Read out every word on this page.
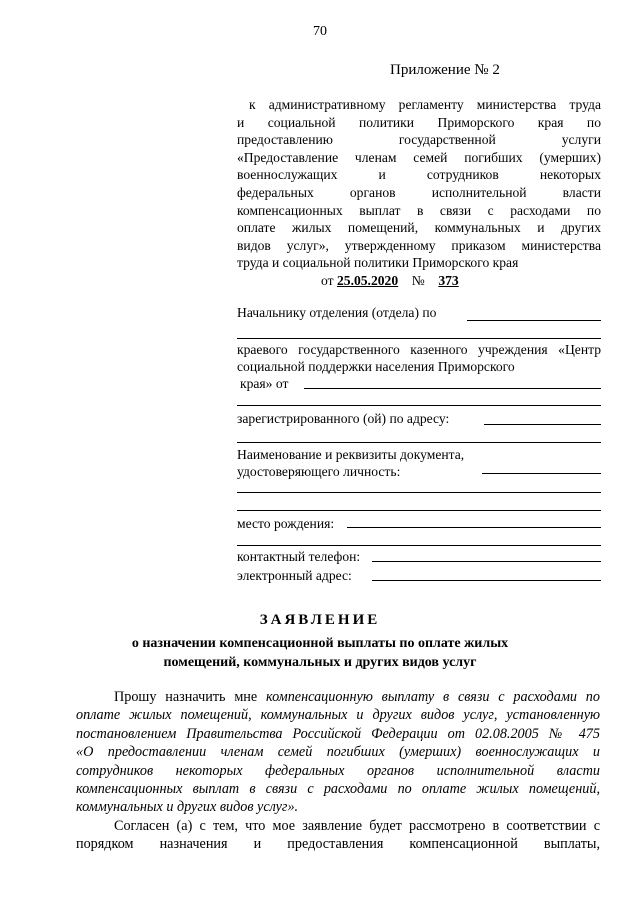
70
Приложение № 2
к административному регламенту министерства труда
и социальной политики Приморского края по
предоставлению государственной услуги
«Предоставление членам семей погибших (умерших)
военнослужащих и сотрудников некоторых
федеральных органов исполнительной власти
компенсационных выплат в связи с расходами по
оплате жилых помещений, коммунальных и других
видов услуг», утвержденному приказом министерства
труда и социальной политики Приморского края
от 25.05.2020 № 373
Начальнику отделения (отдела) по
краевого государственного казенного учреждения «Центр
социальной поддержки населения Приморского
края» от
зарегистрированного (ой) по адресу:
Наименование и реквизиты документа,
удостоверяющего личность:
место рождения:
контактный телефон:
электронный адрес:
ЗАЯВЛЕНИЕ
о назначении компенсационной выплаты по оплате жилых
помещений, коммунальных и других видов услуг
Прошу назначить мне компенсационную выплату в связи с расходами по
оплате жилых помещений, коммунальных и других видов услуг, установленную
постановлением Правительства Российской Федерации от 02.08.2005 № 475
«О предоставлении членам семей погибших (умерших) военнослужащих и
сотрудников некоторых федеральных органов исполнительной власти
компенсационных выплат в связи с расходами по оплате жилых помещений,
коммунальных и других видов услуг».
Согласен (а) с тем, что мое заявление будет рассмотрено в соответствии с
порядком назначения и предоставления компенсационной выплаты,
